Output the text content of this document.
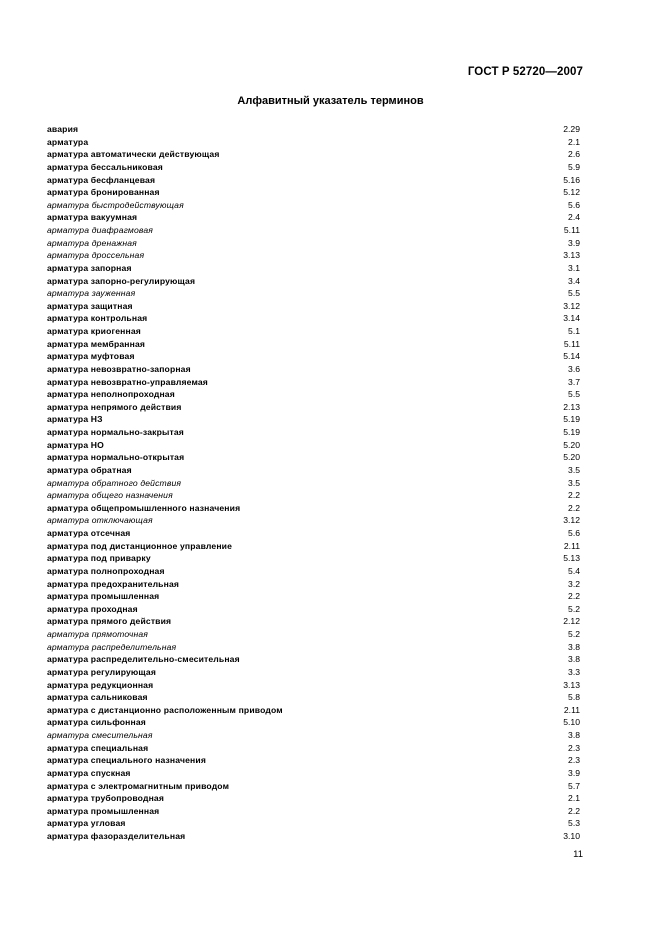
ГОСТ Р 52720—2007
Алфавитный указатель терминов
авария	2.29
арматура	2.1
арматура автоматически действующая	2.6
арматура бессальниковая	5.9
арматура бесфланцевая	5.16
арматура бронированная	5.12
арматура быстродействующая	5.6
арматура вакуумная	2.4
арматура диафрагмовая	5.11
арматура дренажная	3.9
арматура дроссельная	3.13
арматура запорная	3.1
арматура запорно-регулирующая	3.4
арматура зауженная	5.5
арматура защитная	3.12
арматура контрольная	3.14
арматура криогенная	5.1
арматура мембранная	5.11
арматура муфтовая	5.14
арматура невозвратно-запорная	3.6
арматура невозвратно-управляемая	3.7
арматура неполнопроходная	5.5
арматура непрямого действия	2.13
арматура НЗ	5.19
арматура нормально-закрытая	5.19
арматура НО	5.20
арматура нормально-открытая	5.20
арматура обратная	3.5
арматура обратного действия	3.5
арматура общего назначения	2.2
арматура общепромышленного назначения	2.2
арматура отключающая	3.12
арматура отсечная	5.6
арматура под дистанционное управление	2.11
арматура под приварку	5.13
арматура полнопроходная	5.4
арматура предохранительная	3.2
арматура промышленная	2.2
арматура проходная	5.2
арматура прямого действия	2.12
арматура прямоточная	5.2
арматура распределительная	3.8
арматура распределительно-смесительная	3.8
арматура регулирующая	3.3
арматура редукционная	3.13
арматура сальниковая	5.8
арматура с дистанционно расположенным приводом	2.11
арматура сильфонная	5.10
арматура смесительная	3.8
арматура специальная	2.3
арматура специального назначения	2.3
арматура спускная	3.9
арматура с электромагнитным приводом	5.7
арматура трубопроводная	2.1
арматура промышленная	2.2
арматура угловая	5.3
арматура фазоразделительная	3.10
11
